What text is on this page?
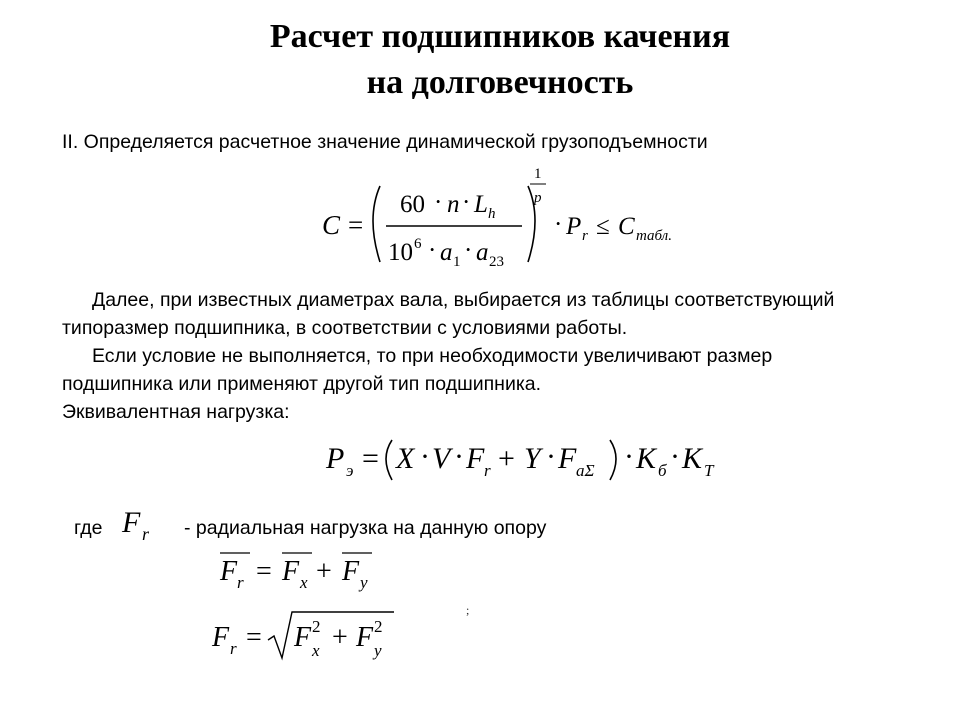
Расчет подшипников качения
на долговечность
II. Определяется расчетное значение динамической грузоподъемности
C =
60 · n · L h
10 6 · a 1 · a 23
1
p
· P r ≤ C табл.
Далее, при известных диаметрах вала, выбирается из таблицы соответствующий
типоразмер подшипника, в соответствии с условиями работы.
Если условие не выполняется, то при необходимости увеличивают размер
подшипника или применяют другой тип подшипника.
Эквивалентная нагрузка:
P э = X · V · F r + Y · F aΣ · K б · K T
где F r - радиальная нагрузка на данную опору
F r = F x + F y
;
F r = F 2
x + F 2
y
